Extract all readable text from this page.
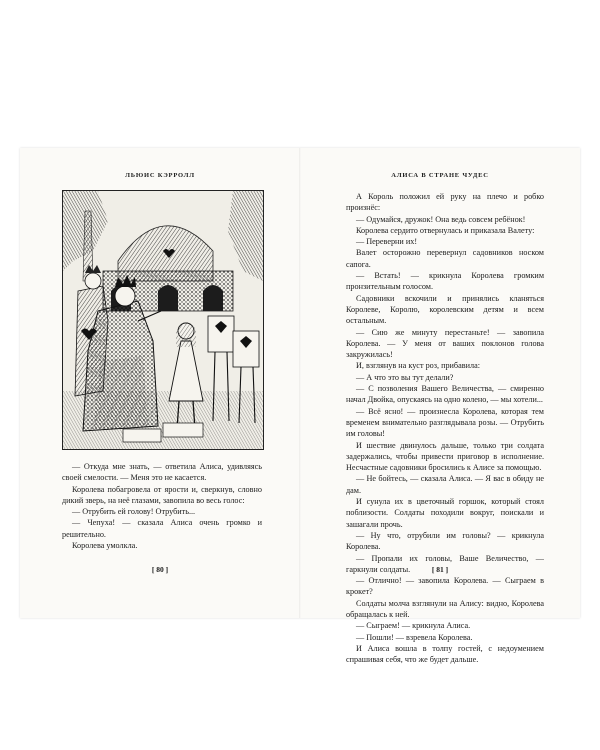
ЛЬЮИС КЭРРОЛЛ

— Откуда мне знать, — ответила Алиса, удивляясь своей смелости. — Меня это не касается.

Королева побагровела от ярости и, сверкнув, словно дикий зверь, на неё глазами, завопила во весь голос:

— Отрубить ей голову! Отрубить...

— Чепуха! — сказала Алиса очень громко и решительно.

Королева умолкла.

[ 80 ]
АЛИСА В СТРАНЕ ЧУДЕС

А Король положил ей руку на плечо и робко произнёс:

— Одумайся, дружок! Она ведь совсем ребёнок!

Королева сердито отвернулась и приказала Валету:

— Переверни их!

Валет осторожно перевернул садовников носком сапога.

— Встать! — крикнула Королева громким пронзительным голосом.

Садовники вскочили и принялись кланяться Королеве, Королю, королевским детям и всем остальным.

— Сию же минуту перестаньте! — завопила Королева. — У меня от ваших поклонов голова закружилась!

И, взглянув на куст роз, прибавила:

— А что это вы тут делали?

— С позволения Вашего Величества, — смиренно начал Двойка, опускаясь на одно колено, — мы хотели...

— Всё ясно! — произнесла Королева, которая тем временем внимательно разглядывала розы. — Отрубить им головы!

И шествие двинулось дальше, только три солдата задержались, чтобы привести приговор в исполнение. Несчастные садовники бросились к Алисе за помощью.

— Не бойтесь, — сказала Алиса. — Я вас в обиду не дам.

И сунула их в цветочный горшок, который стоял поблизости. Солдаты походили вокруг, поискали и зашагали прочь.

— Ну что, отрубили им головы? — крикнула Королева.

— Пропали их головы, Ваше Величество, — гаркнули солдаты.

— Отлично! — завопила Королева. — Сыграем в крокет?

Солдаты молча взглянули на Алису: видно, Королева обращалась к ней.

— Сыграем! — крикнула Алиса.

— Пошли! — взревела Королева.

И Алиса вошла в толпу гостей, с недоумением спрашивая себя, что же будет дальше.

[ 81 ]
